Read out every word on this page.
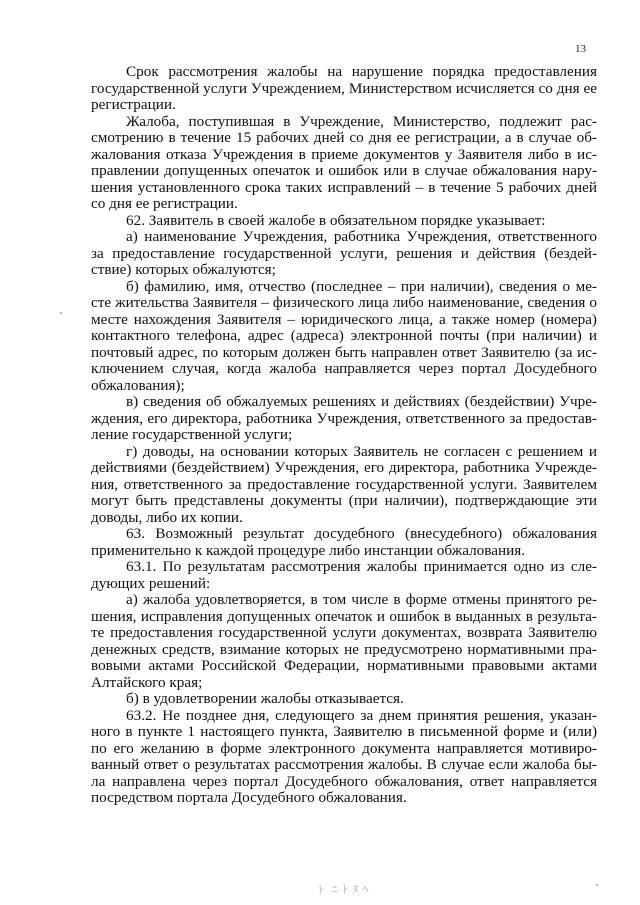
13
Срок рассмотрения жалобы на нарушение порядка предоставления
государственной услуги Учреждением, Министерством исчисляется со дня ее
регистрации.
Жалоба, поступившая в Учреждение, Министерство, подлежит рас-
смотрению в течение 15 рабочих дней со дня ее регистрации, а в случае об-
жалования отказа Учреждения в приеме документов у Заявителя либо в ис-
правлении допущенных опечаток и ошибок или в случае обжалования нару-
шения установленного срока таких исправлений – в течение 5 рабочих дней
со дня ее регистрации.
62. Заявитель в своей жалобе в обязательном порядке указывает:
а) наименование Учреждения, работника Учреждения, ответственного
за предоставление государственной услуги, решения и действия (бездей-
ствие) которых обжалуются;
б) фамилию, имя, отчество (последнее – при наличии), сведения о ме-
сте жительства Заявителя – физического лица либо наименование, сведения о
месте нахождения Заявителя – юридического лица, а также номер (номера)
контактного телефона, адрес (адреса) электронной почты (при наличии) и
почтовый адрес, по которым должен быть направлен ответ Заявителю (за ис-
ключением случая, когда жалоба направляется через портал Досудебного
обжалования);
в) сведения об обжалуемых решениях и действиях (бездействии) Учре-
ждения, его директора, работника Учреждения, ответственного за предостав-
ление государственной услуги;
г) доводы, на основании которых Заявитель не согласен с решением и
действиями (бездействием) Учреждения, его директора, работника Учрежде-
ния, ответственного за предоставление государственной услуги. Заявителем
могут быть представлены документы (при наличии), подтверждающие эти
доводы, либо их копии.
63. Возможный результат досудебного (внесудебного) обжалования
применительно к каждой процедуре либо инстанции обжалования.
63.1. По результатам рассмотрения жалобы принимается одно из сле-
дующих решений:
а) жалоба удовлетворяется, в том числе в форме отмены принятого ре-
шения, исправления допущенных опечаток и ошибок в выданных в результа-
те предоставления государственной услуги документах, возврата Заявителю
денежных средств, взимание которых не предусмотрено нормативными пра-
вовыми актами Российской Федерации, нормативными правовыми актами
Алтайского края;
б) в удовлетворении жалобы отказывается.
63.2. Не позднее дня, следующего за днем принятия решения, указан-
ного в пункте 1 настоящего пункта, Заявителю в письменной форме и (или)
по его желанию в форме электронного документа направляется мотивиро-
ванный ответ о результатах рассмотрения жалобы. В случае если жалоба бы-
ла направлена через портал Досудебного обжалования, ответ направляется
посредством портала Досудебного обжалования.
ﾄ  ﾆ ﾄ ﾇ ﾍ
